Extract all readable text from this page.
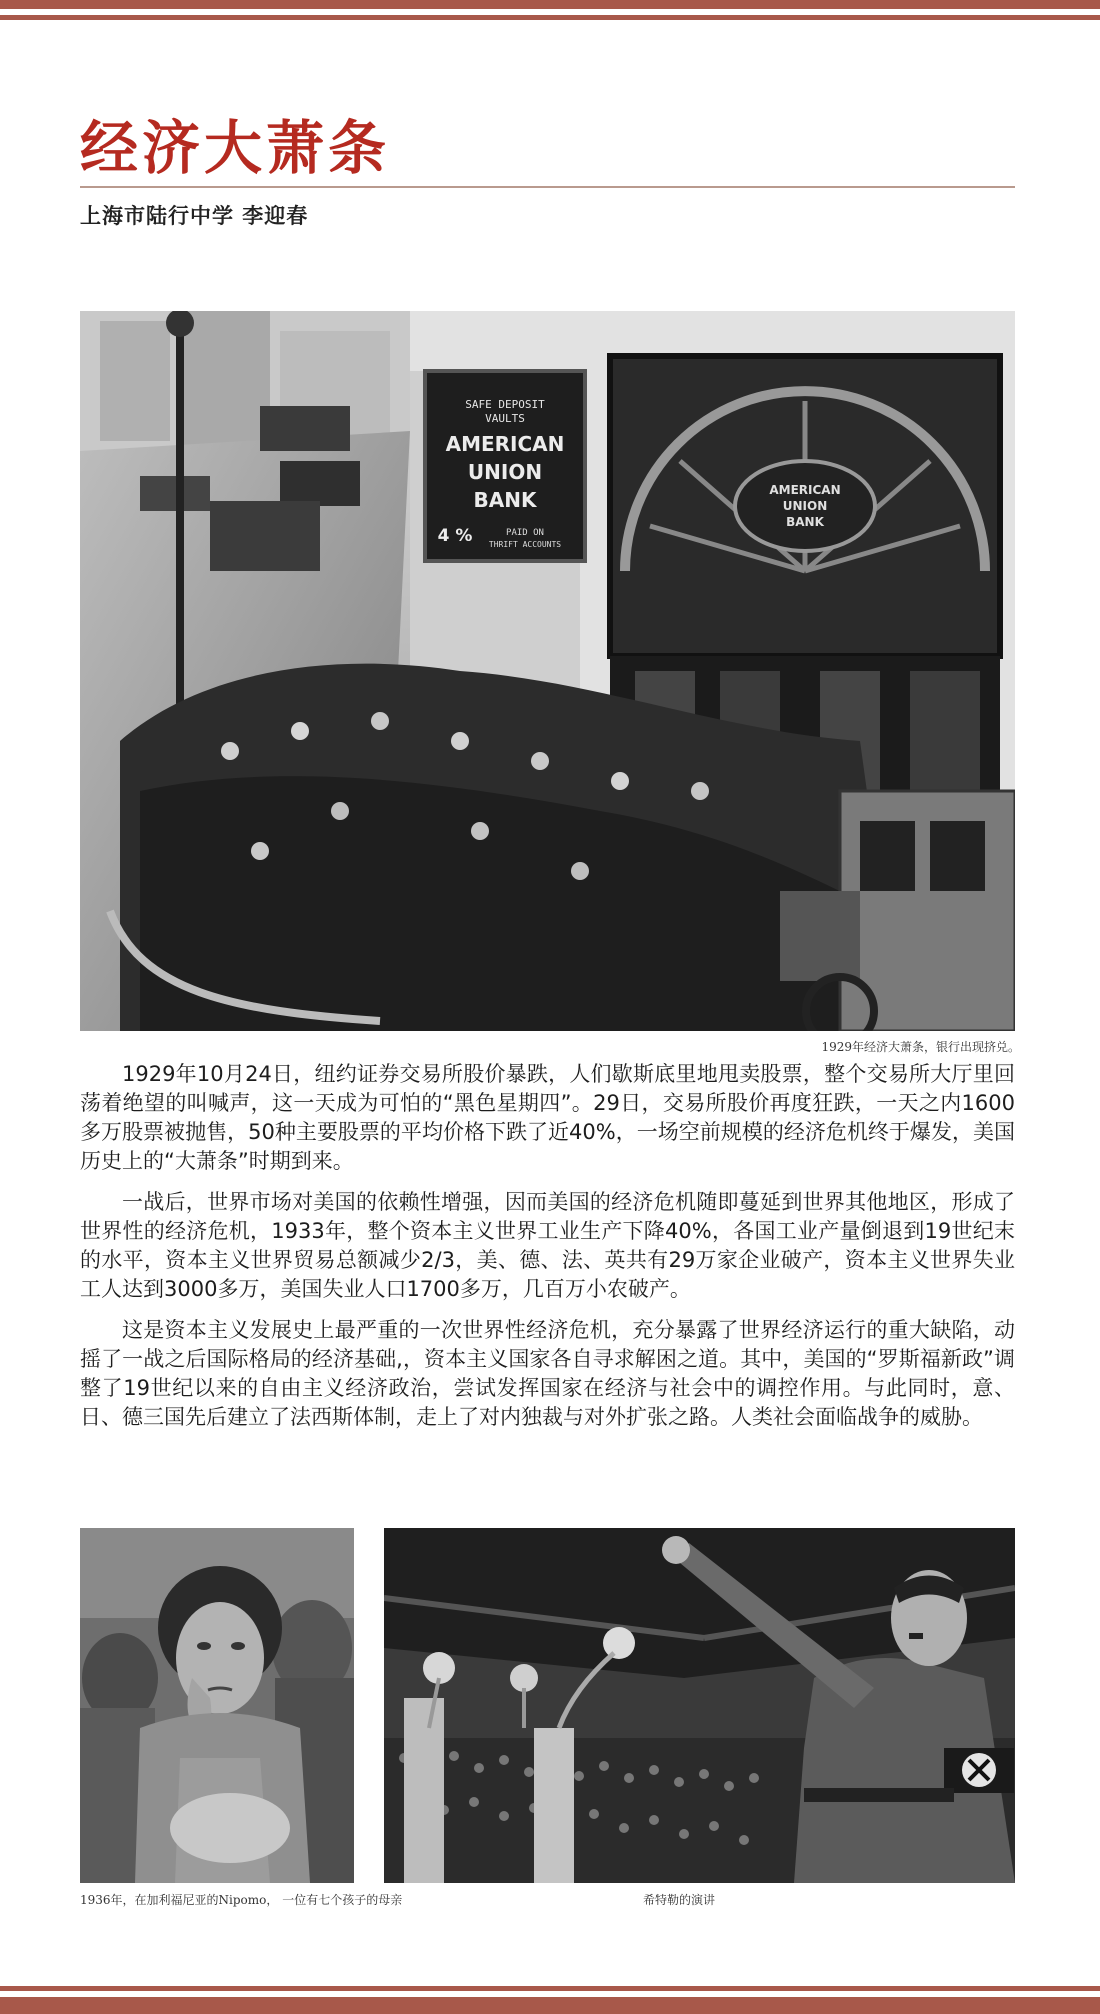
经济大萧条
上海市陆行中学 李迎春
SAFE DEPOSIT
VAULTS
AMERICAN
UNION
BANK
4 %	PAID ON
THRIFT ACCOUNTS
AMERICAN
UNION
BANK
1929年经济大萧条，银行出现挤兑。

1929年10月24日，纽约证券交易所股价暴跌，人们歇斯底里地甩卖股票，整个交易所大厅里回荡着绝望的叫喊声，这一天成为可怕的“黑色星期四”。29日，交易所股价再度狂跌，一天之内1600多万股票被抛售，50种主要股票的平均价格下跌了近40%，一场空前规模的经济危机终于爆发，美国历史上的“大萧条”时期到来。

一战后，世界市场对美国的依赖性增强，因而美国的经济危机随即蔓延到世界其他地区，形成了世界性的经济危机，1933年，整个资本主义世界工业生产下降40%，各国工业产量倒退到19世纪末的水平，资本主义世界贸易总额减少2/3，美、德、法、英共有29万家企业破产，资本主义世界失业工人达到3000多万，美国失业人口1700多万，几百万小农破产。

这是资本主义发展史上最严重的一次世界性经济危机，充分暴露了世界经济运行的重大缺陷，动摇了一战之后国际格局的经济基础,，资本主义国家各自寻求解困之道。其中，美国的“罗斯福新政”调整了19世纪以来的自由主义经济政治，尝试发挥国家在经济与社会中的调控作用。与此同时，意、日、德三国先后建立了法西斯体制，走上了对内独裁与对外扩张之路。人类社会面临战争的威胁。

1936年，在加利福尼亚的Nipomo， 一位有七个孩子的母亲	希特勒的演讲
